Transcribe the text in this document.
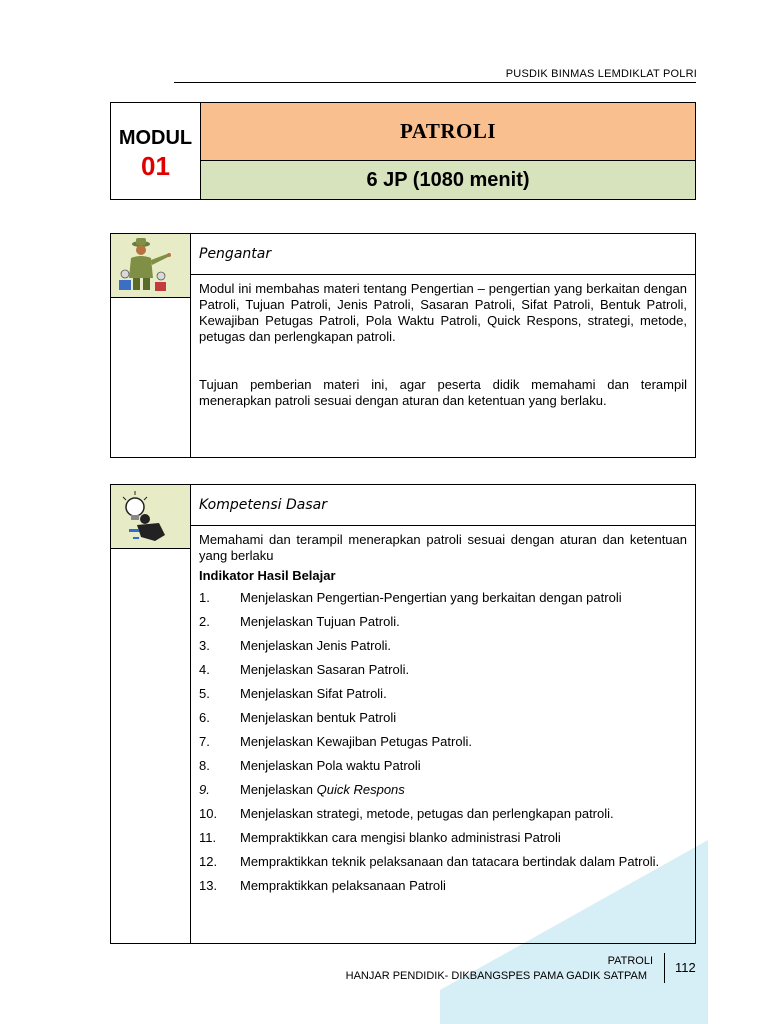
PUSDIK BINMAS LEMDIKLAT POLRI
MODUL
01
PATROLI
6 JP (1080 menit)
Pengantar

Modul ini membahas materi tentang Pengertian – pengertian yang berkaitan dengan Patroli, Tujuan Patroli, Jenis Patroli, Sasaran Patroli, Sifat Patroli, Bentuk Patroli, Kewajiban Petugas Patroli, Pola Waktu Patroli, Quick Respons, strategi, metode, petugas dan perlengkapan patroli.

Tujuan pemberian materi ini, agar peserta didik memahami dan terampil menerapkan patroli sesuai dengan aturan dan ketentuan yang berlaku.

Kompetensi Dasar

Memahami dan terampil menerapkan patroli sesuai dengan aturan dan ketentuan yang berlaku

Indikator Hasil Belajar
1. Menjelaskan Pengertian-Pengertian yang berkaitan dengan patroli
2. Menjelaskan Tujuan Patroli.
3. Menjelaskan Jenis Patroli.
4. Menjelaskan Sasaran Patroli.
5. Menjelaskan Sifat Patroli.
6. Menjelaskan bentuk Patroli
7. Menjelaskan Kewajiban Petugas Patroli.
8. Menjelaskan Pola waktu Patroli
9. Menjelaskan Quick Respons
10. Menjelaskan strategi, metode, petugas dan perlengkapan patroli.
11. Mempraktikkan cara mengisi blanko administrasi Patroli
12. Mempraktikkan teknik pelaksanaan dan tatacara bertindak dalam Patroli.
13. Mempraktikkan pelaksanaan Patroli
PATROLI
HANJAR PENDIDIK- DIKBANGSPES PAMA GADIK SATPAM
112
